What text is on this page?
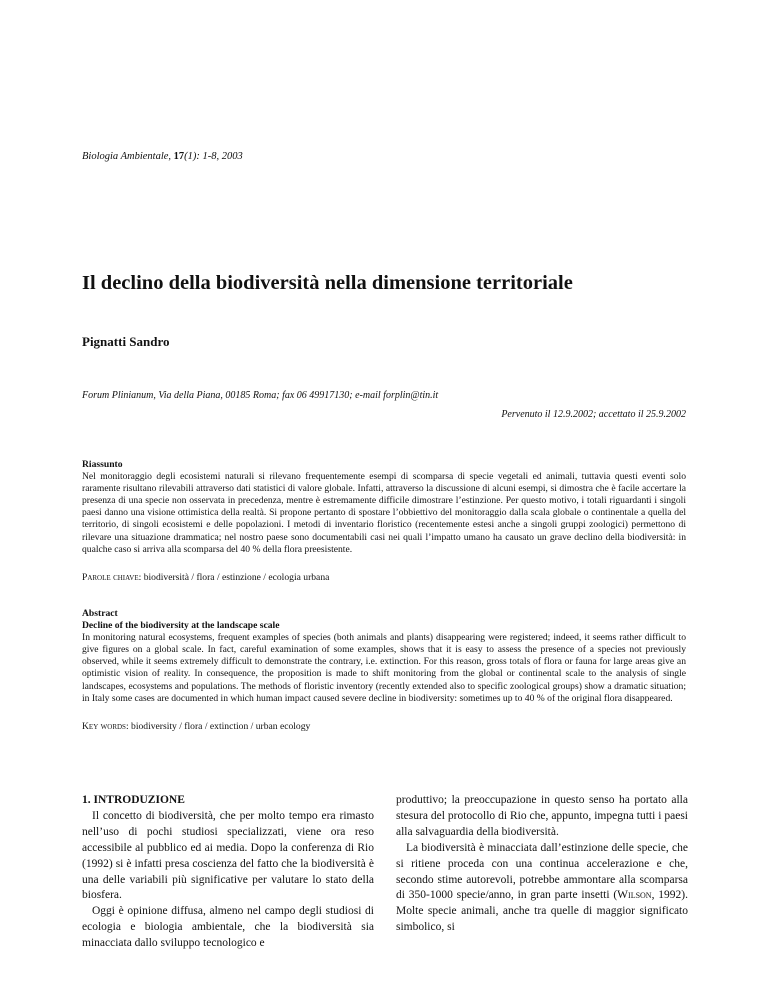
Biologia Ambientale, 17(1): 1-8, 2003
Il declino della biodiversità nella dimensione territoriale
Pignatti Sandro
Forum Plinianum, Via della Piana, 00185 Roma; fax 06 49917130; e-mail forplin@tin.it
Pervenuto il 12.9.2002; accettato il 25.9.2002
Riassunto
Nel monitoraggio degli ecosistemi naturali si rilevano frequentemente esempi di scomparsa di specie vegetali ed animali, tuttavia questi eventi solo raramente risultano rilevabili attraverso dati statistici di valore globale. Infatti, attraverso la discussione di alcuni esempi, si dimostra che è facile accertare la presenza di una specie non osservata in precedenza, mentre è estremamente difficile dimostrare l’estinzione. Per questo motivo, i totali riguardanti i singoli paesi danno una visione ottimistica della realtà. Si propone pertanto di spostare l’obbiettivo del monitoraggio dalla scala globale o continentale a quella del territorio, di singoli ecosistemi e delle popolazioni. I metodi di inventario floristico (recentemente estesi anche a singoli gruppi zoologici) permettono di rilevare una situazione drammatica; nel nostro paese sono documentabili casi nei quali l’impatto umano ha causato un grave declino della biodiversità: in qualche caso si arriva alla scomparsa del 40 % della flora preesistente.
Parole chiave: biodiversità / flora / estinzione / ecologia urbana
Abstract
Decline of the biodiversity at the landscape scale
In monitoring natural ecosystems, frequent examples of species (both animals and plants) disappearing were registered; indeed, it seems rather difficult to give figures on a global scale. In fact, careful examination of some examples, shows that it is easy to assess the presence of a species not previously observed, while it seems extremely difficult to demonstrate the contrary, i.e. extinction. For this reason, gross totals of flora or fauna for large areas give an optimistic vision of reality. In consequence, the proposition is made to shift monitoring from the global or continental scale to the analysis of single landscapes, ecosystems and populations. The methods of floristic inventory (recently extended also to specific zoological groups) show a dramatic situation; in Italy some cases are documented in which human impact caused severe decline in biodiversity: sometimes up to 40 % of the original flora disappeared.
Key words: biodiversity / flora / extinction / urban ecology
1. INTRODUZIONE

Il concetto di biodiversità, che per molto tempo era rimasto nell’uso di pochi studiosi specializzati, viene ora reso accessibile al pubblico ed ai media. Dopo la conferenza di Rio (1992) si è infatti presa coscienza del fatto che la biodiversità è una delle variabili più significative per valutare lo stato della biosfera.

Oggi è opinione diffusa, almeno nel campo degli studiosi di ecologia e biologia ambientale, che la biodiversità sia minacciata dallo sviluppo tecnologico e

produttivo; la preoccupazione in questo senso ha portato alla stesura del protocollo di Rio che, appunto, impegna tutti i paesi alla salvaguardia della biodiversità.

La biodiversità è minacciata dall’estinzione delle specie, che si ritiene proceda con una continua accelerazione e che, secondo stime autorevoli, potrebbe ammontare alla scomparsa di 350-1000 specie/anno, in gran parte insetti (Wilson, 1992). Molte specie animali, anche tra quelle di maggior significato simbolico, si
